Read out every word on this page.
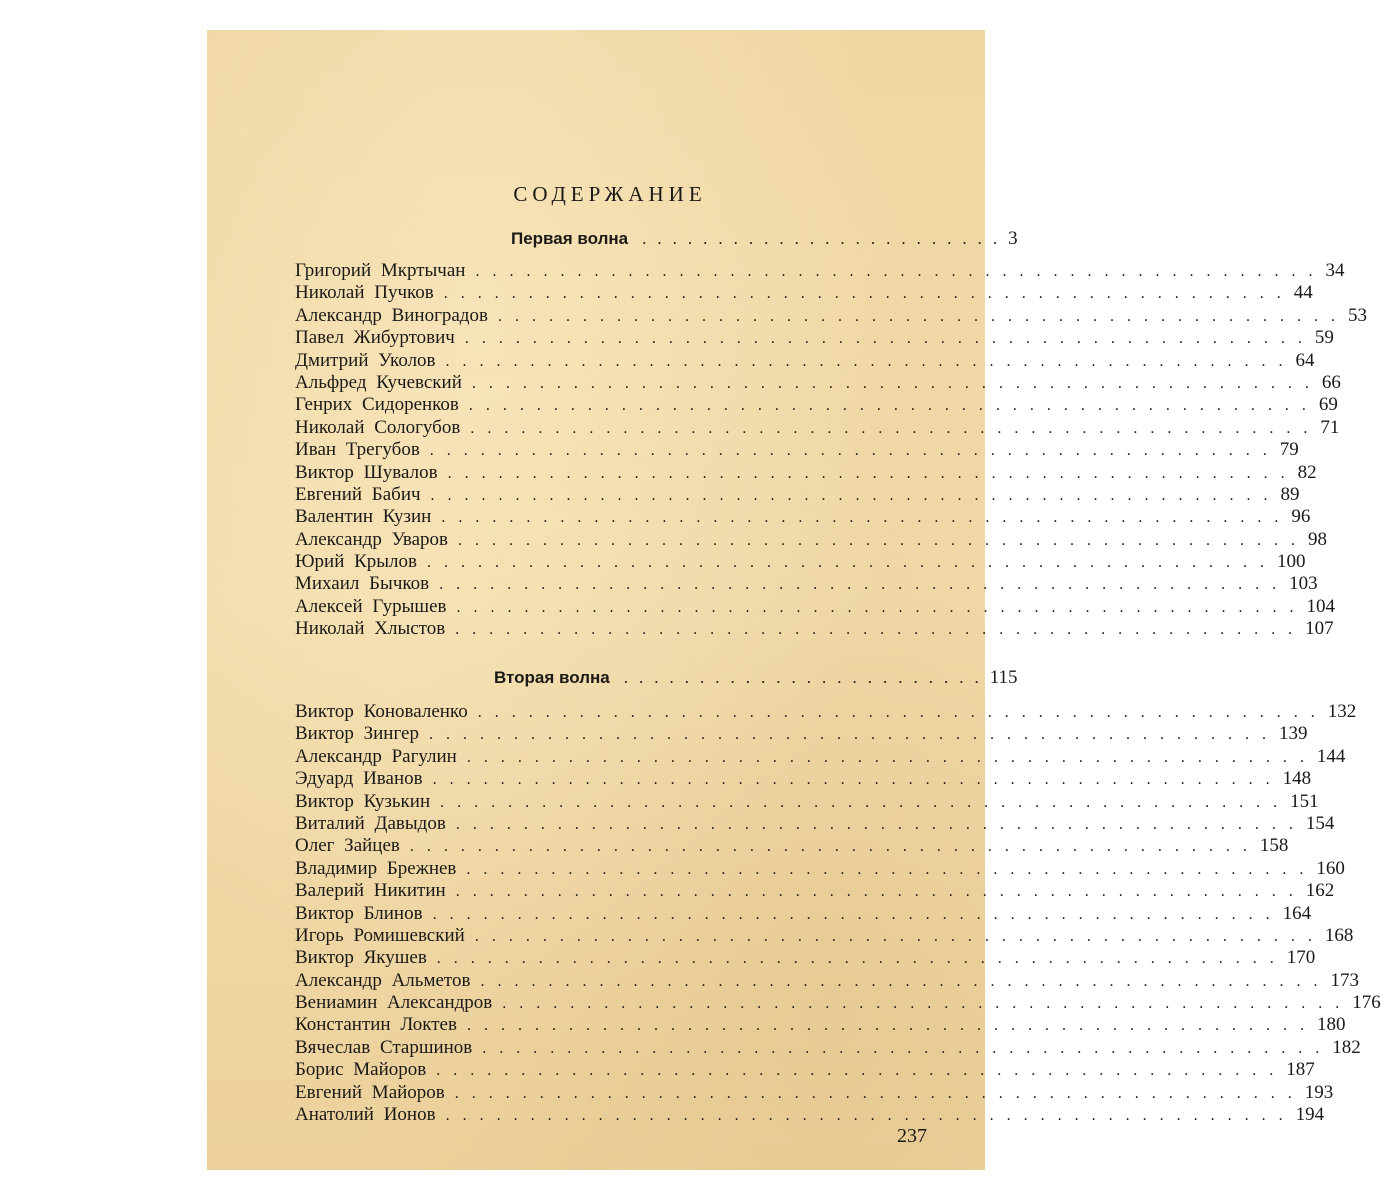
СОДЕРЖАНИЕ
Первая волна ........................ 3
Григорий Мкртычан .................................................. 34
Николай Пучков .................................................. 44
Александр Виноградов .................................................. 53
Павел Жибуртович .................................................. 59
Дмитрий Уколов .................................................. 64
Альфред Кучевский .................................................. 66
Генрих Сидоренков .................................................. 69
Николай Сологубов .................................................. 71
Иван Трегубов .................................................. 79
Виктор Шувалов .................................................. 82
Евгений Бабич .................................................. 89
Валентин Кузин .................................................. 96
Александр Уваров .................................................. 98
Юрий Крылов .................................................. 100
Михаил Бычков .................................................. 103
Алексей Гурышев .................................................. 104
Николай Хлыстов .................................................. 107
Вторая волна ........................ 115
Виктор Коноваленко .................................................. 132
Виктор Зингер .................................................. 139
Александр Рагулин .................................................. 144
Эдуард Иванов .................................................. 148
Виктор Кузькин .................................................. 151
Виталий Давыдов .................................................. 154
Олег Зайцев .................................................. 158
Владимир Брежнев .................................................. 160
Валерий Никитин .................................................. 162
Виктор Блинов .................................................. 164
Игорь Ромишевский .................................................. 168
Виктор Якушев .................................................. 170
Александр Альметов .................................................. 173
Вениамин Александров .................................................. 176
Константин Локтев .................................................. 180
Вячеслав Старшинов .................................................. 182
Борис Майоров .................................................. 187
Евгений Майоров .................................................. 193
Анатолий Ионов .................................................. 194
237
